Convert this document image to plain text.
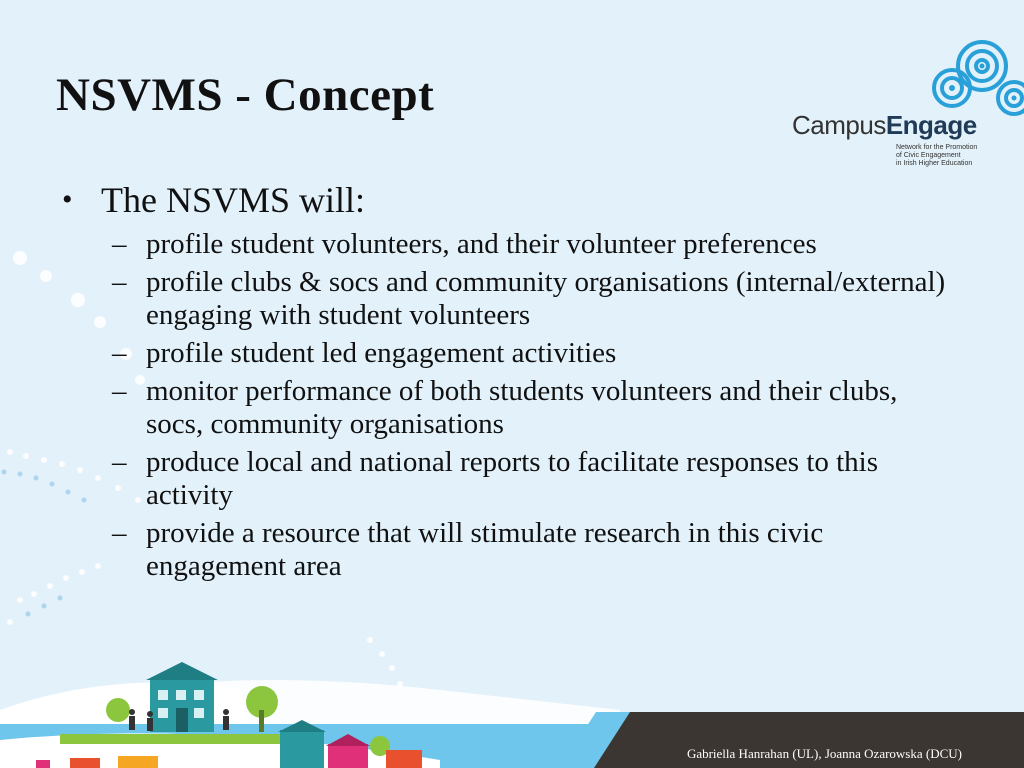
NSVMS - Concept
CampusEngage
Network for the Promotion
of Civic Engagement
in Irish Higher Education
• The NSVMS will:
– profile student volunteers, and their volunteer preferences
– profile clubs & socs and community organisations (internal/external) engaging with student volunteers
– profile student led engagement activities
– monitor performance of both students volunteers and their clubs, socs, community organisations
– produce local and national reports to facilitate responses to this activity
– provide a resource that will stimulate research in this civic engagement area
Gabriella Hanrahan (UL), Joanna Ozarowska (DCU)
